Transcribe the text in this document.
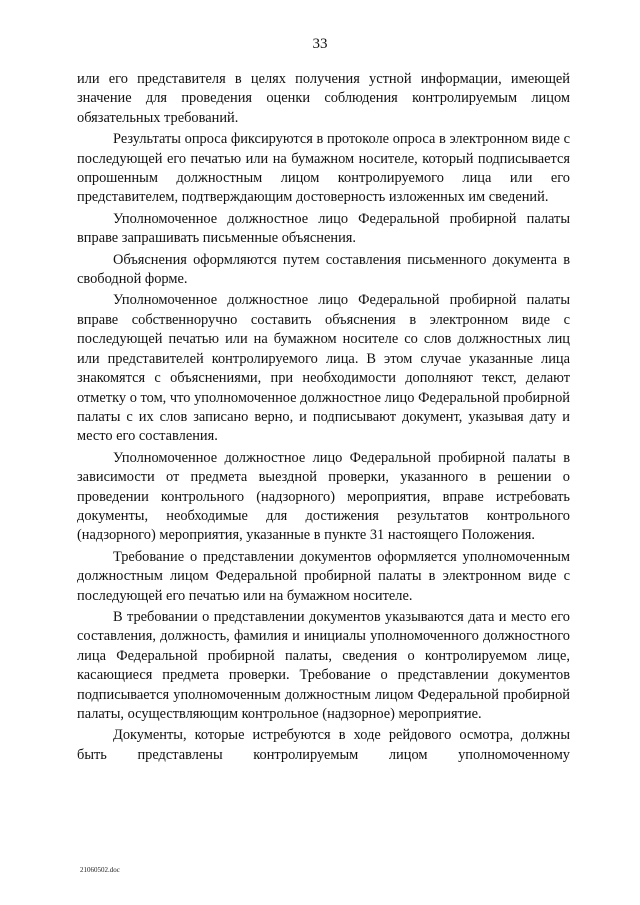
33

или его представителя в целях получения устной информации, имеющей значение для проведения оценки соблюдения контролируемым лицом обязательных требований.

Результаты опроса фиксируются в протоколе опроса в электронном виде с последующей его печатью или на бумажном носителе, который подписывается опрошенным должностным лицом контролируемого лица или его представителем, подтверждающим достоверность изложенных им сведений.

Уполномоченное должностное лицо Федеральной пробирной палаты вправе запрашивать письменные объяснения.

Объяснения оформляются путем составления письменного документа в свободной форме.

Уполномоченное должностное лицо Федеральной пробирной палаты вправе собственноручно составить объяснения в электронном виде с последующей печатью или на бумажном носителе со слов должностных лиц или представителей контролируемого лица. В этом случае указанные лица знакомятся с объяснениями, при необходимости дополняют текст, делают отметку о том, что уполномоченное должностное лицо Федеральной пробирной палаты с их слов записано верно, и подписывают документ, указывая дату и место его составления.

Уполномоченное должностное лицо Федеральной пробирной палаты в зависимости от предмета выездной проверки, указанного в решении о проведении контрольного (надзорного) мероприятия, вправе истребовать документы, необходимые для достижения результатов контрольного (надзорного) мероприятия, указанные в пункте 31 настоящего Положения.

Требование о представлении документов оформляется уполномоченным должностным лицом Федеральной пробирной палаты в электронном виде с последующей его печатью или на бумажном носителе.

В требовании о представлении документов указываются дата и место его составления, должность, фамилия и инициалы уполномоченного должностного лица Федеральной пробирной палаты, сведения о контролируемом лице, касающиеся предмета проверки. Требование о представлении документов подписывается уполномоченным должностным лицом Федеральной пробирной палаты, осуществляющим контрольное (надзорное) мероприятие.

Документы, которые истребуются в ходе рейдового осмотра, должны быть представлены контролируемым лицом уполномоченному

21060502.doc
